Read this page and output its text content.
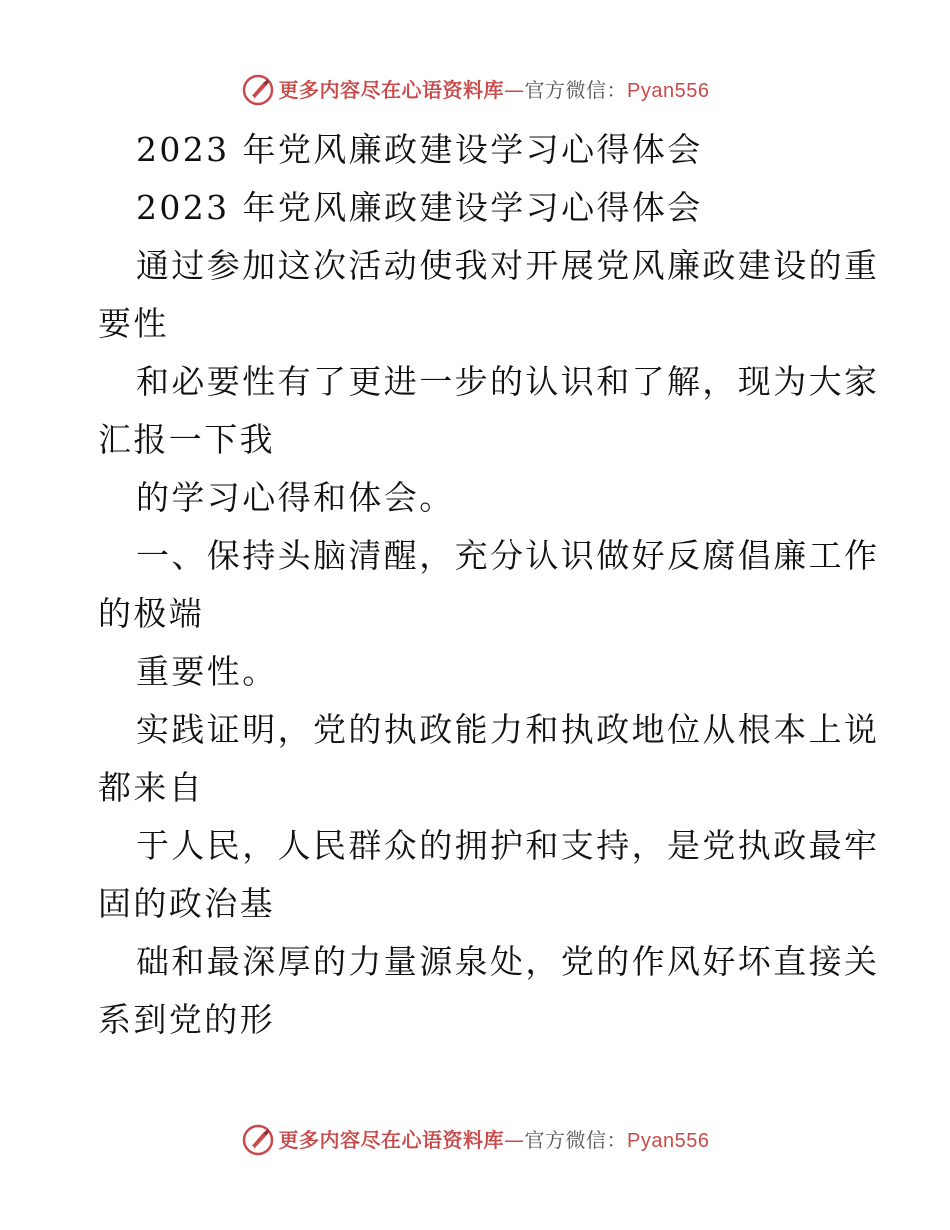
更多内容尽在心语资料库—官方微信：Pyan556
2023 年党风廉政建设学习心得体会
2023 年党风廉政建设学习心得体会
通过参加这次活动使我对开展党风廉政建设的重
要性
和必要性有了更进一步的认识和了解，现为大家
汇报一下我
的学习心得和体会。
一、保持头脑清醒，充分认识做好反腐倡廉工作
的极端
重要性。
实践证明，党的执政能力和执政地位从根本上说
都来自
于人民，人民群众的拥护和支持，是党执政最牢
固的政治基
础和最深厚的力量源泉处，党的作风好坏直接关
系到党的形
更多内容尽在心语资料库—官方微信：Pyan556
